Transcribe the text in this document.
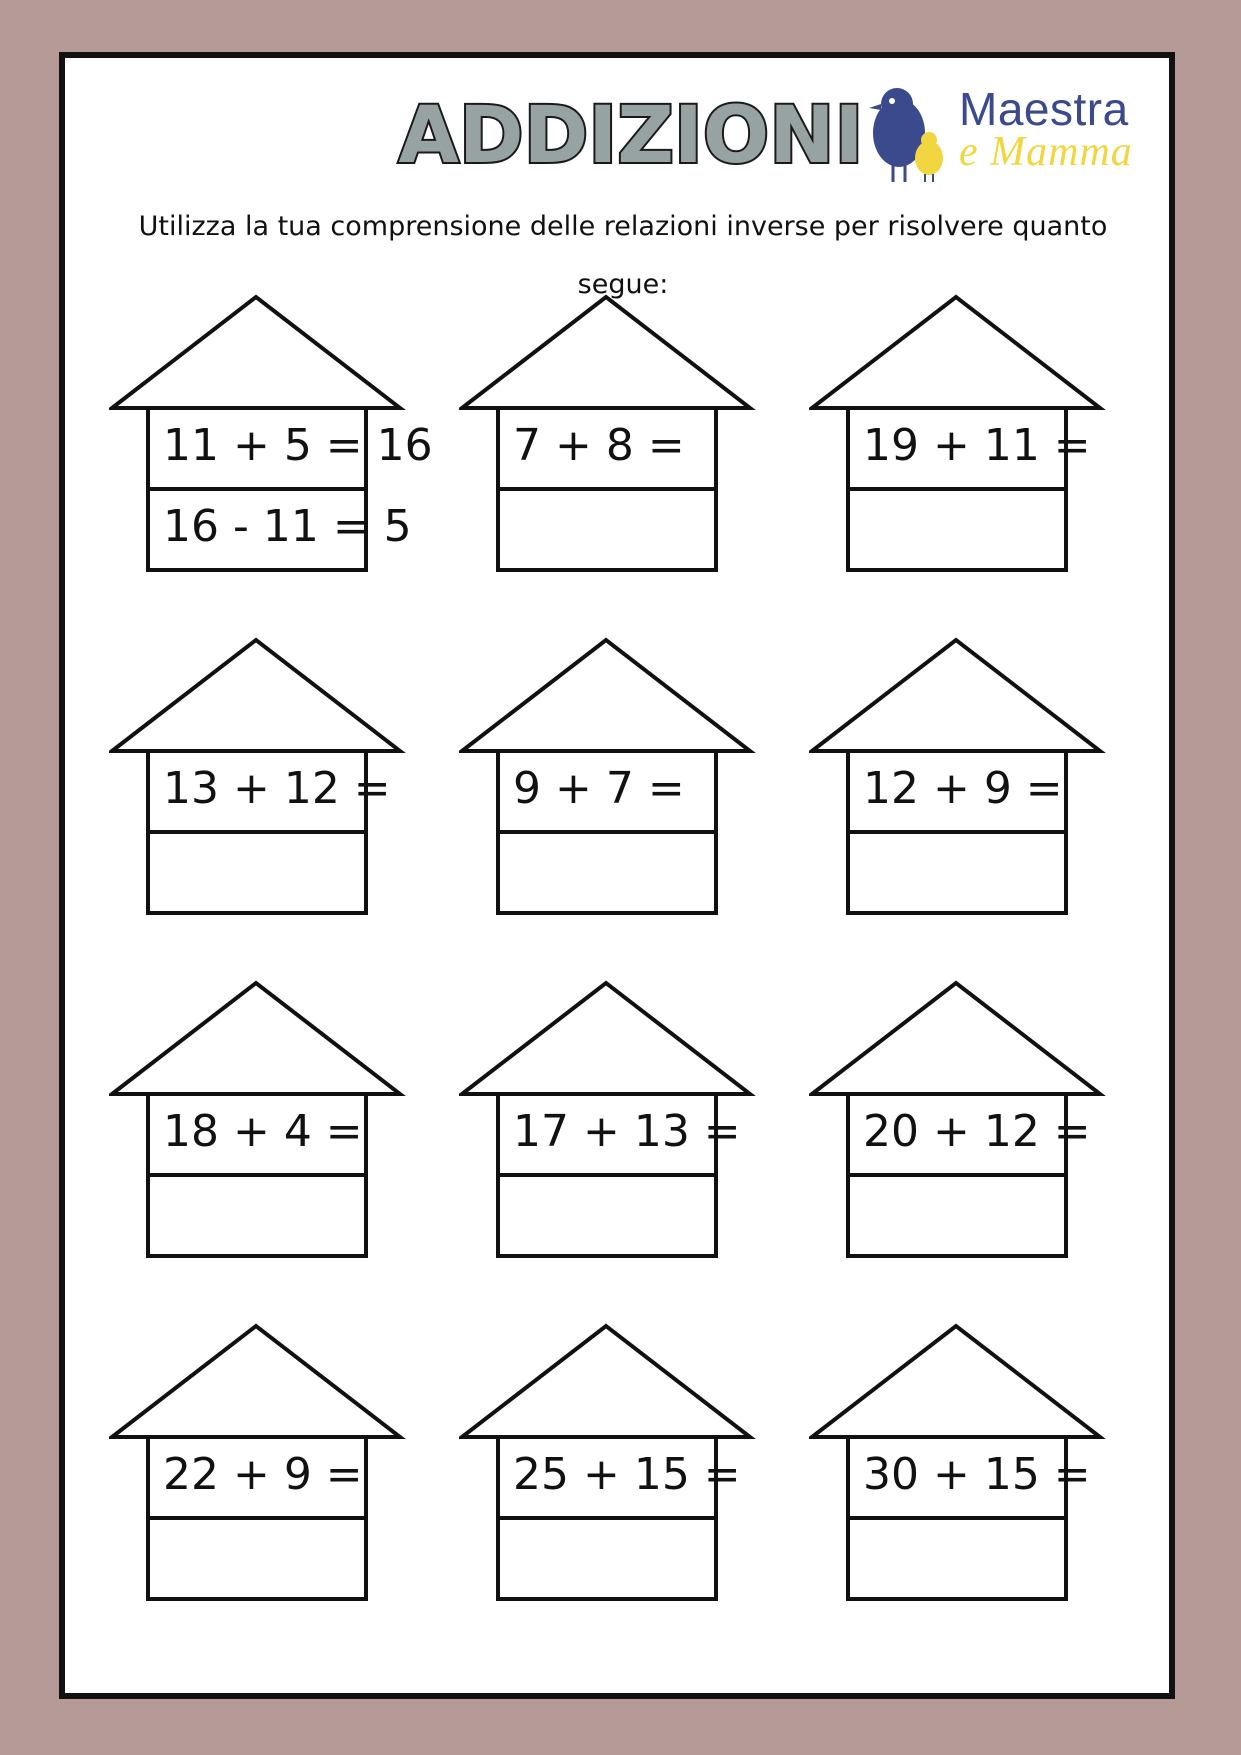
ADDIZIONI Maestra
e Mamma
Utilizza la tua comprensione delle relazioni inverse per risolvere quanto segue:
11 + 5 = 16
16 - 11 = 5
7 + 8 =	19 + 11 =
13 + 12 =	9 + 7 =	12 + 9 =
18 + 4 =	17 + 13 =	20 + 12 =
22 + 9 =	25 + 15 =	30 + 15 =
